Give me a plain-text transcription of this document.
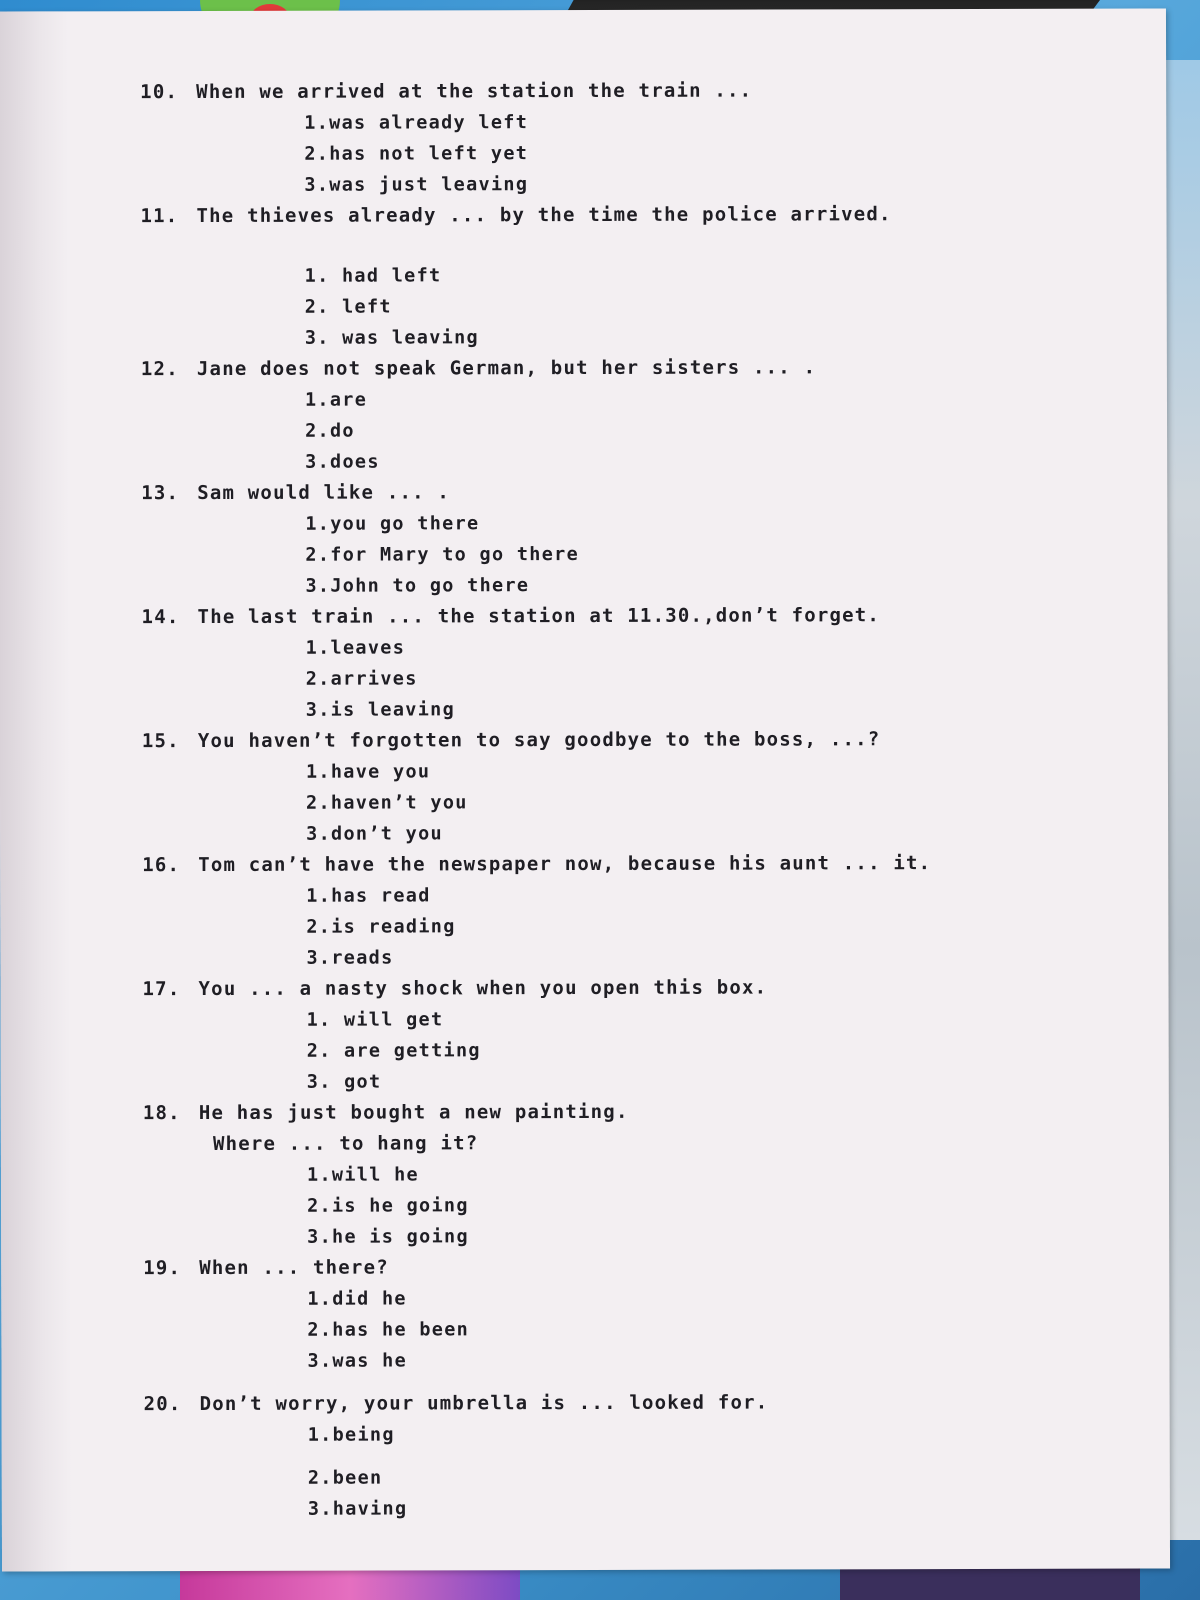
10. When we arrived at the station the train ...
1.was already left
2.has not left yet
3.was just leaving
11. The thieves already ... by the time the police arrived.
1. had left
2. left
3. was leaving
12. Jane does not speak German, but her sisters ... .
1.are
2.do
3.does
13. Sam would like ... .
1.you go there
2.for Mary to go there
3.John to go there
14. The last train ... the station at 11.30.,don’t forget.
1.leaves
2.arrives
3.is leaving
15. You haven’t forgotten to say goodbye to the boss, ...?
1.have you
2.haven’t you
3.don’t you
16. Tom can’t have the newspaper now, because his aunt ... it.
1.has read
2.is reading
3.reads
17. You ... a nasty shock when you open this box.
1. will get
2. are getting
3. got
18. He has just bought a new painting.
Where ... to hang it?
1.will he
2.is he going
3.he is going
19. When ... there?
1.did he
2.has he been
3.was he
20. Don’t worry, your umbrella is ... looked for.
1.being
2.been
3.having
